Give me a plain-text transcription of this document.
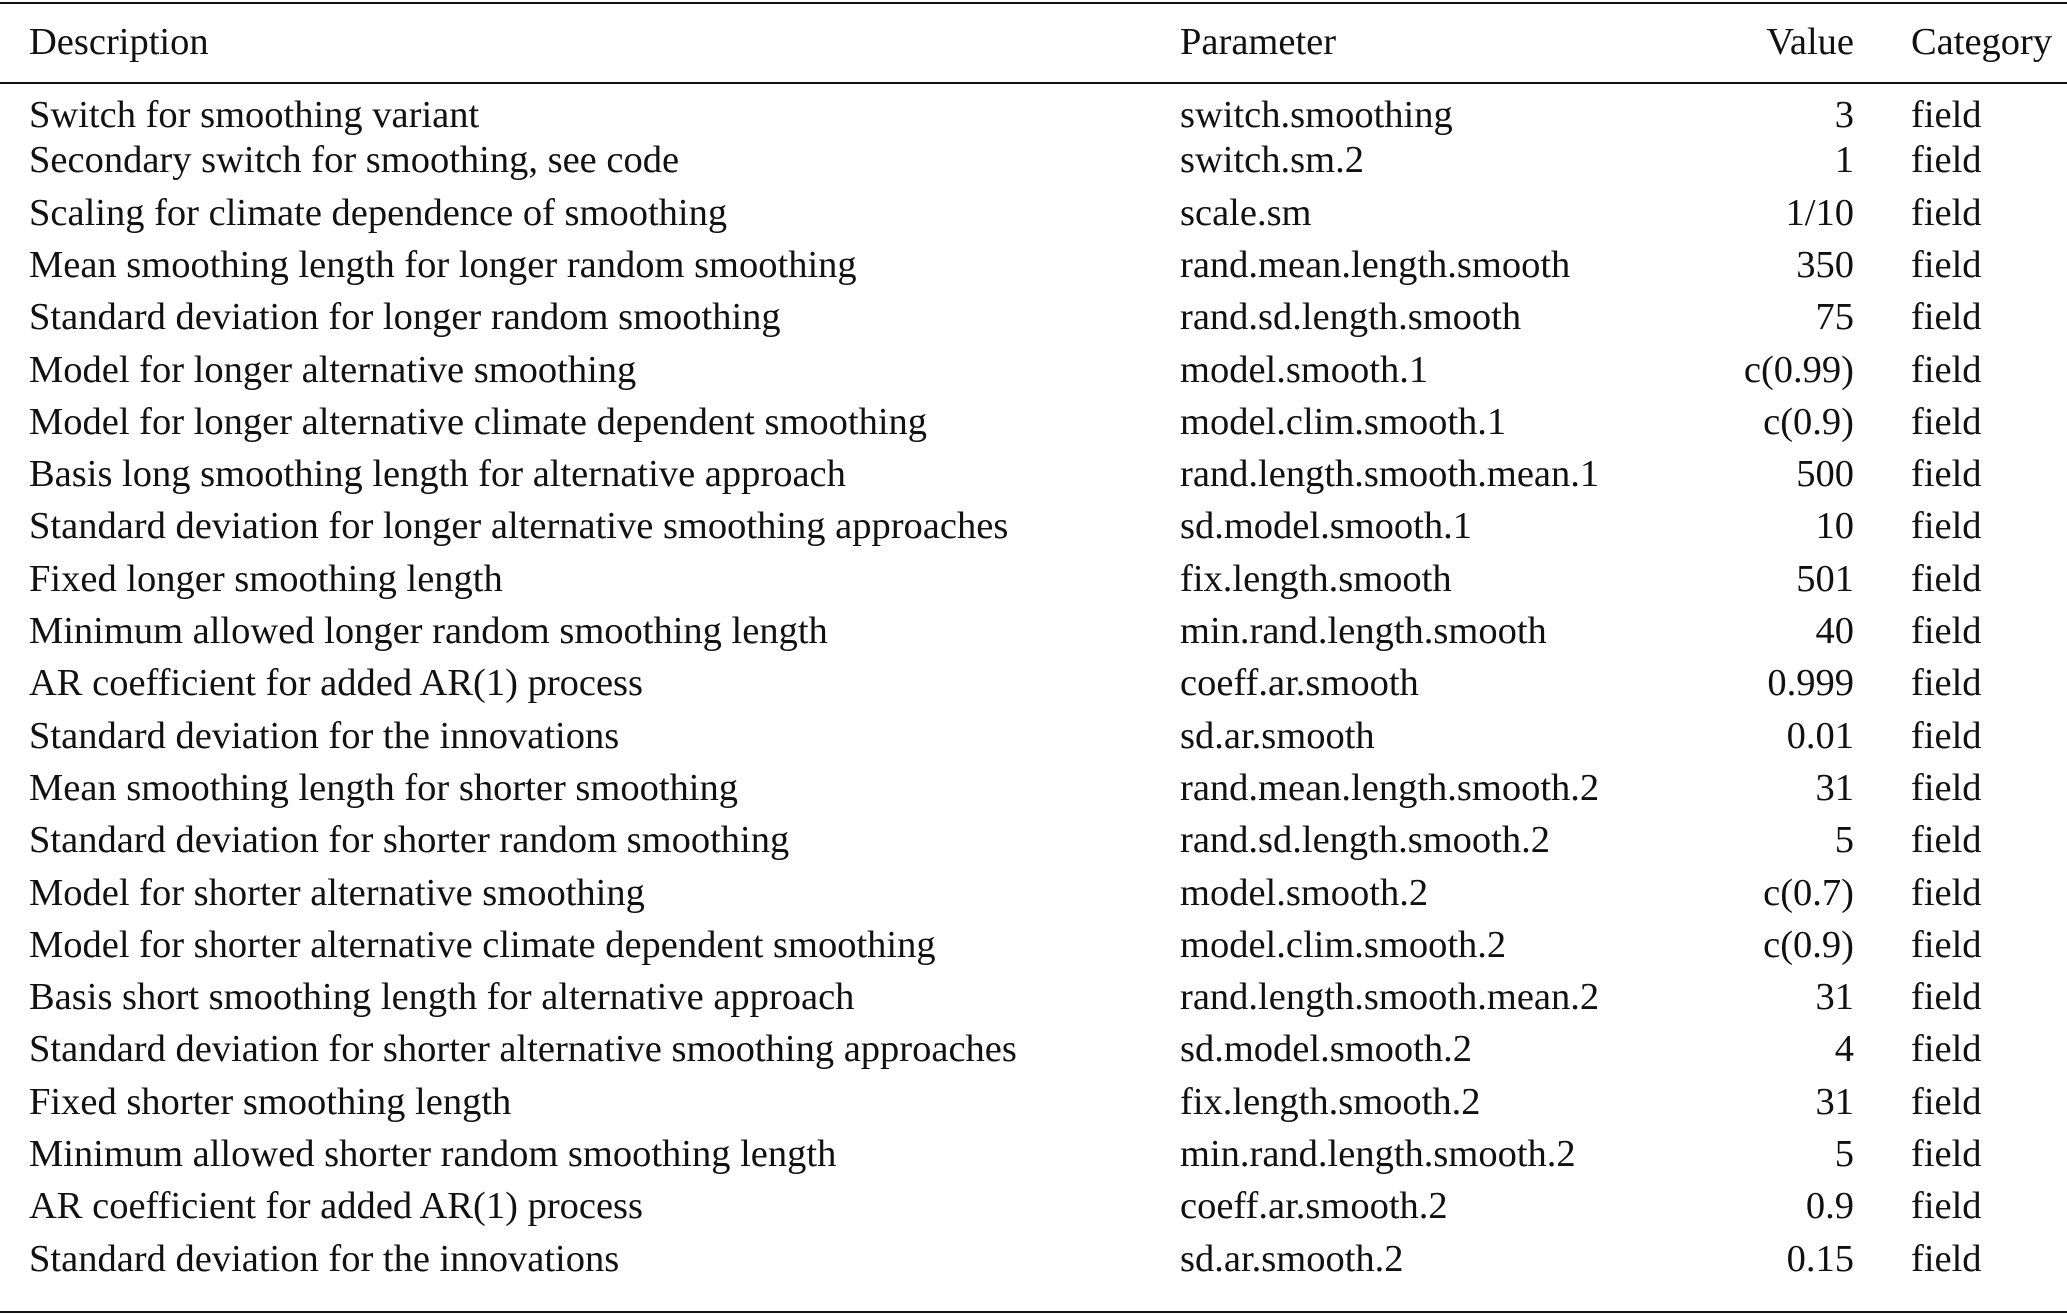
Description	Parameter	Value	Category
Switch for smoothing variant	switch.smoothing	3	field
Secondary switch for smoothing, see code	switch.sm.2	1	field
Scaling for climate dependence of smoothing	scale.sm	1/10	field
Mean smoothing length for longer random smoothing	rand.mean.length.smooth	350	field
Standard deviation for longer random smoothing	rand.sd.length.smooth	75	field
Model for longer alternative smoothing	model.smooth.1	c(0.99)	field
Model for longer alternative climate dependent smoothing	model.clim.smooth.1	c(0.9)	field
Basis long smoothing length for alternative approach	rand.length.smooth.mean.1	500	field
Standard deviation for longer alternative smoothing approaches	sd.model.smooth.1	10	field
Fixed longer smoothing length	fix.length.smooth	501	field
Minimum allowed longer random smoothing length	min.rand.length.smooth	40	field
AR coefficient for added AR(1) process	coeff.ar.smooth	0.999	field
Standard deviation for the innovations	sd.ar.smooth	0.01	field
Mean smoothing length for shorter smoothing	rand.mean.length.smooth.2	31	field
Standard deviation for shorter random smoothing	rand.sd.length.smooth.2	5	field
Model for shorter alternative smoothing	model.smooth.2	c(0.7)	field
Model for shorter alternative climate dependent smoothing	model.clim.smooth.2	c(0.9)	field
Basis short smoothing length for alternative approach	rand.length.smooth.mean.2	31	field
Standard deviation for shorter alternative smoothing approaches	sd.model.smooth.2	4	field
Fixed shorter smoothing length	fix.length.smooth.2	31	field
Minimum allowed shorter random smoothing length	min.rand.length.smooth.2	5	field
AR coefficient for added AR(1) process	coeff.ar.smooth.2	0.9	field
Standard deviation for the innovations	sd.ar.smooth.2	0.15	field
